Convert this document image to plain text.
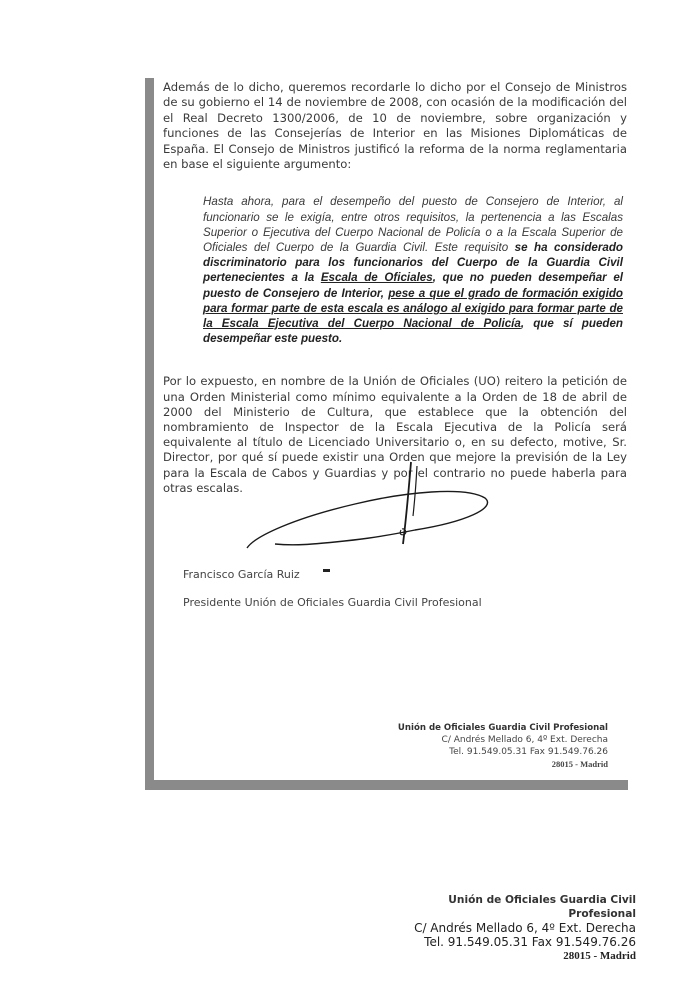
Además de lo dicho, queremos recordarle lo dicho por el Consejo de Ministros de su gobierno el 14 de noviembre de 2008, con ocasión de la modificación del el Real Decreto 1300/2006, de 10 de noviembre, sobre organización y funciones de las Consejerías de Interior en las Misiones Diplomáticas de España. El Consejo de Ministros justificó la reforma de la norma reglamentaria en base el siguiente argumento:

Hasta ahora, para el desempeño del puesto de Consejero de Interior, al funcionario se le exigía, entre otros requisitos, la pertenencia a las Escalas Superior o Ejecutiva del Cuerpo Nacional de Policía o a la Escala Superior de Oficiales del Cuerpo de la Guardia Civil. Este requisito se ha considerado discriminatorio para los funcionarios del Cuerpo de la Guardia Civil pertenecientes a la Escala de Oficiales, que no pueden desempeñar el puesto de Consejero de Interior, pese a que el grado de formación exigido para formar parte de esta escala es análogo al exigido para formar parte de la Escala Ejecutiva del Cuerpo Nacional de Policía, que sí pueden desempeñar este puesto.

Por lo expuesto, en nombre de la Unión de Oficiales (UO) reitero la petición de una Orden Ministerial como mínimo equivalente a la Orden de 18 de abril de 2000 del Ministerio de Cultura, que establece que la obtención del nombramiento de Inspector de la Escala Ejecutiva de la Policía será equivalente al título de Licenciado Universitario o, en su defecto, motive, Sr. Director, por qué sí puede existir una Orden que mejore la previsión de la Ley para la Escala de Cabos y Guardias y por el contrario no puede haberla para otras escalas.

Francisco García Ruiz
Presidente Unión de Oficiales Guardia Civil Profesional
Unión de Oficiales Guardia Civil Profesional
C/ Andrés Mellado 6, 4º Ext. Derecha
Tel. 91.549.05.31 Fax 91.549.76.26
28015 - Madrid
Unión de Oficiales Guardia Civil Profesional
C/ Andrés Mellado 6, 4º Ext. Derecha
Tel. 91.549.05.31 Fax 91.549.76.26
28015 - Madrid
